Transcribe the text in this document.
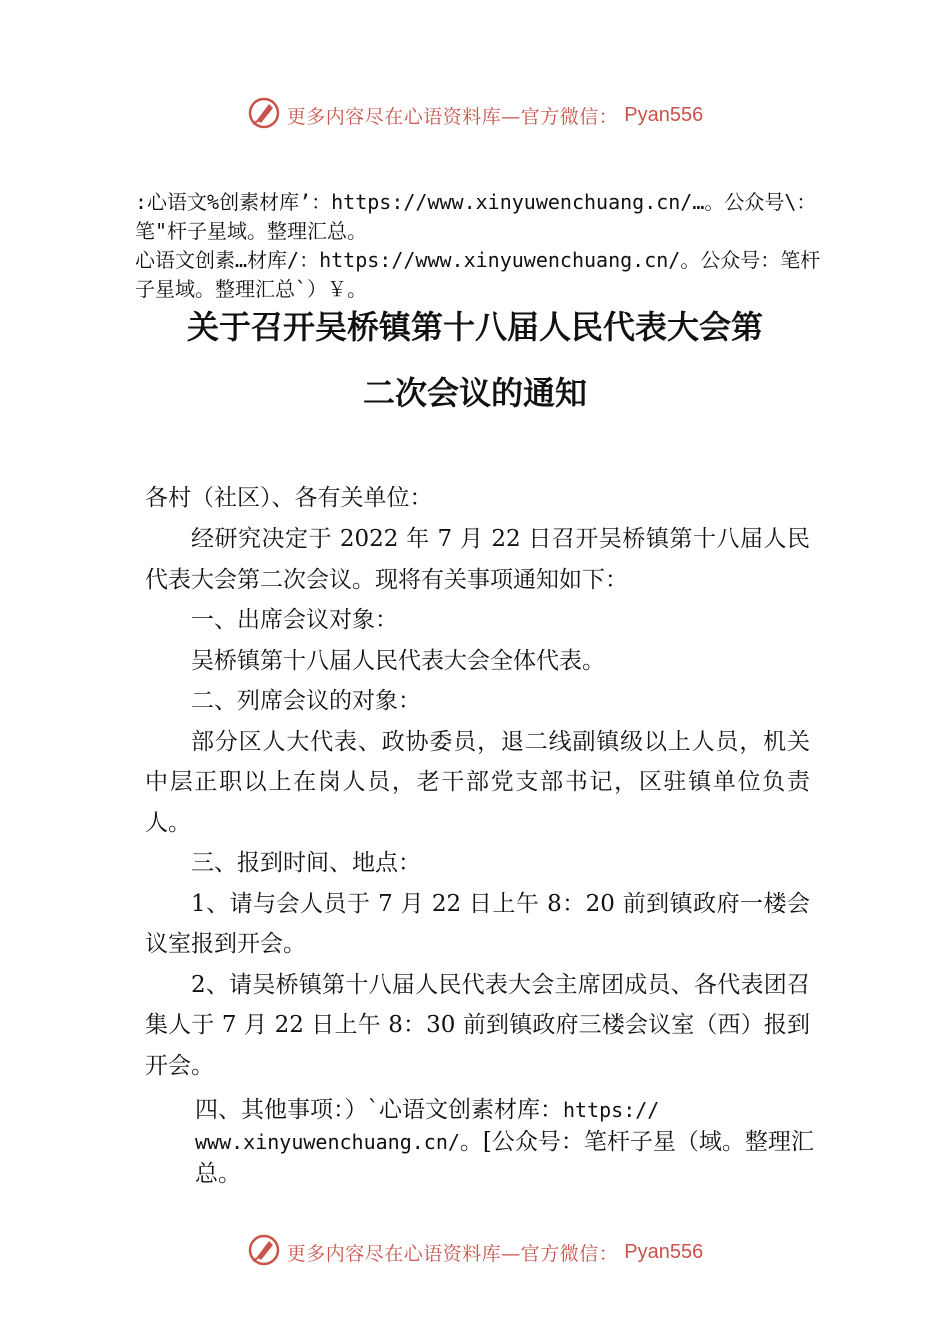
更多内容尽在心语资料库—官方微信： Pyan556
:心语文%创素材库’：https://www.xinyuwenchuang.cn/…。公众号\：笔"杆子星域。整理汇总。
心语文创素…材库/：https://www.xinyuwenchuang.cn/。公众号：笔杆子星域。整理汇总`）￥。
关于召开吴桥镇第十八届人民代表大会第
二次会议的通知

各村（社区）、各有关单位：

经研究决定于 2022 年 7 月 22 日召开吴桥镇第十八届人民代表大会第二次会议。现将有关事项通知如下：

一、出席会议对象：

吴桥镇第十八届人民代表大会全体代表。

二、列席会议的对象：

部分区人大代表、政协委员，退二线副镇级以上人员，机关中层正职以上在岗人员，老干部党支部书记，区驻镇单位负责人。

三、报到时间、地点：

1、请与会人员于 7 月 22 日上午 8：20 前到镇政府一楼会议室报到开会。

2、请吴桥镇第十八届人民代表大会主席团成员、各代表团召集人于 7 月 22 日上午 8：30 前到镇政府三楼会议室（西）报到开会。

四、其他事项：）`心语文创素材库：https://
www.xinyuwenchuang.cn/。[公众号：笔杆子星（域。整理汇总。
更多内容尽在心语资料库—官方微信： Pyan556
